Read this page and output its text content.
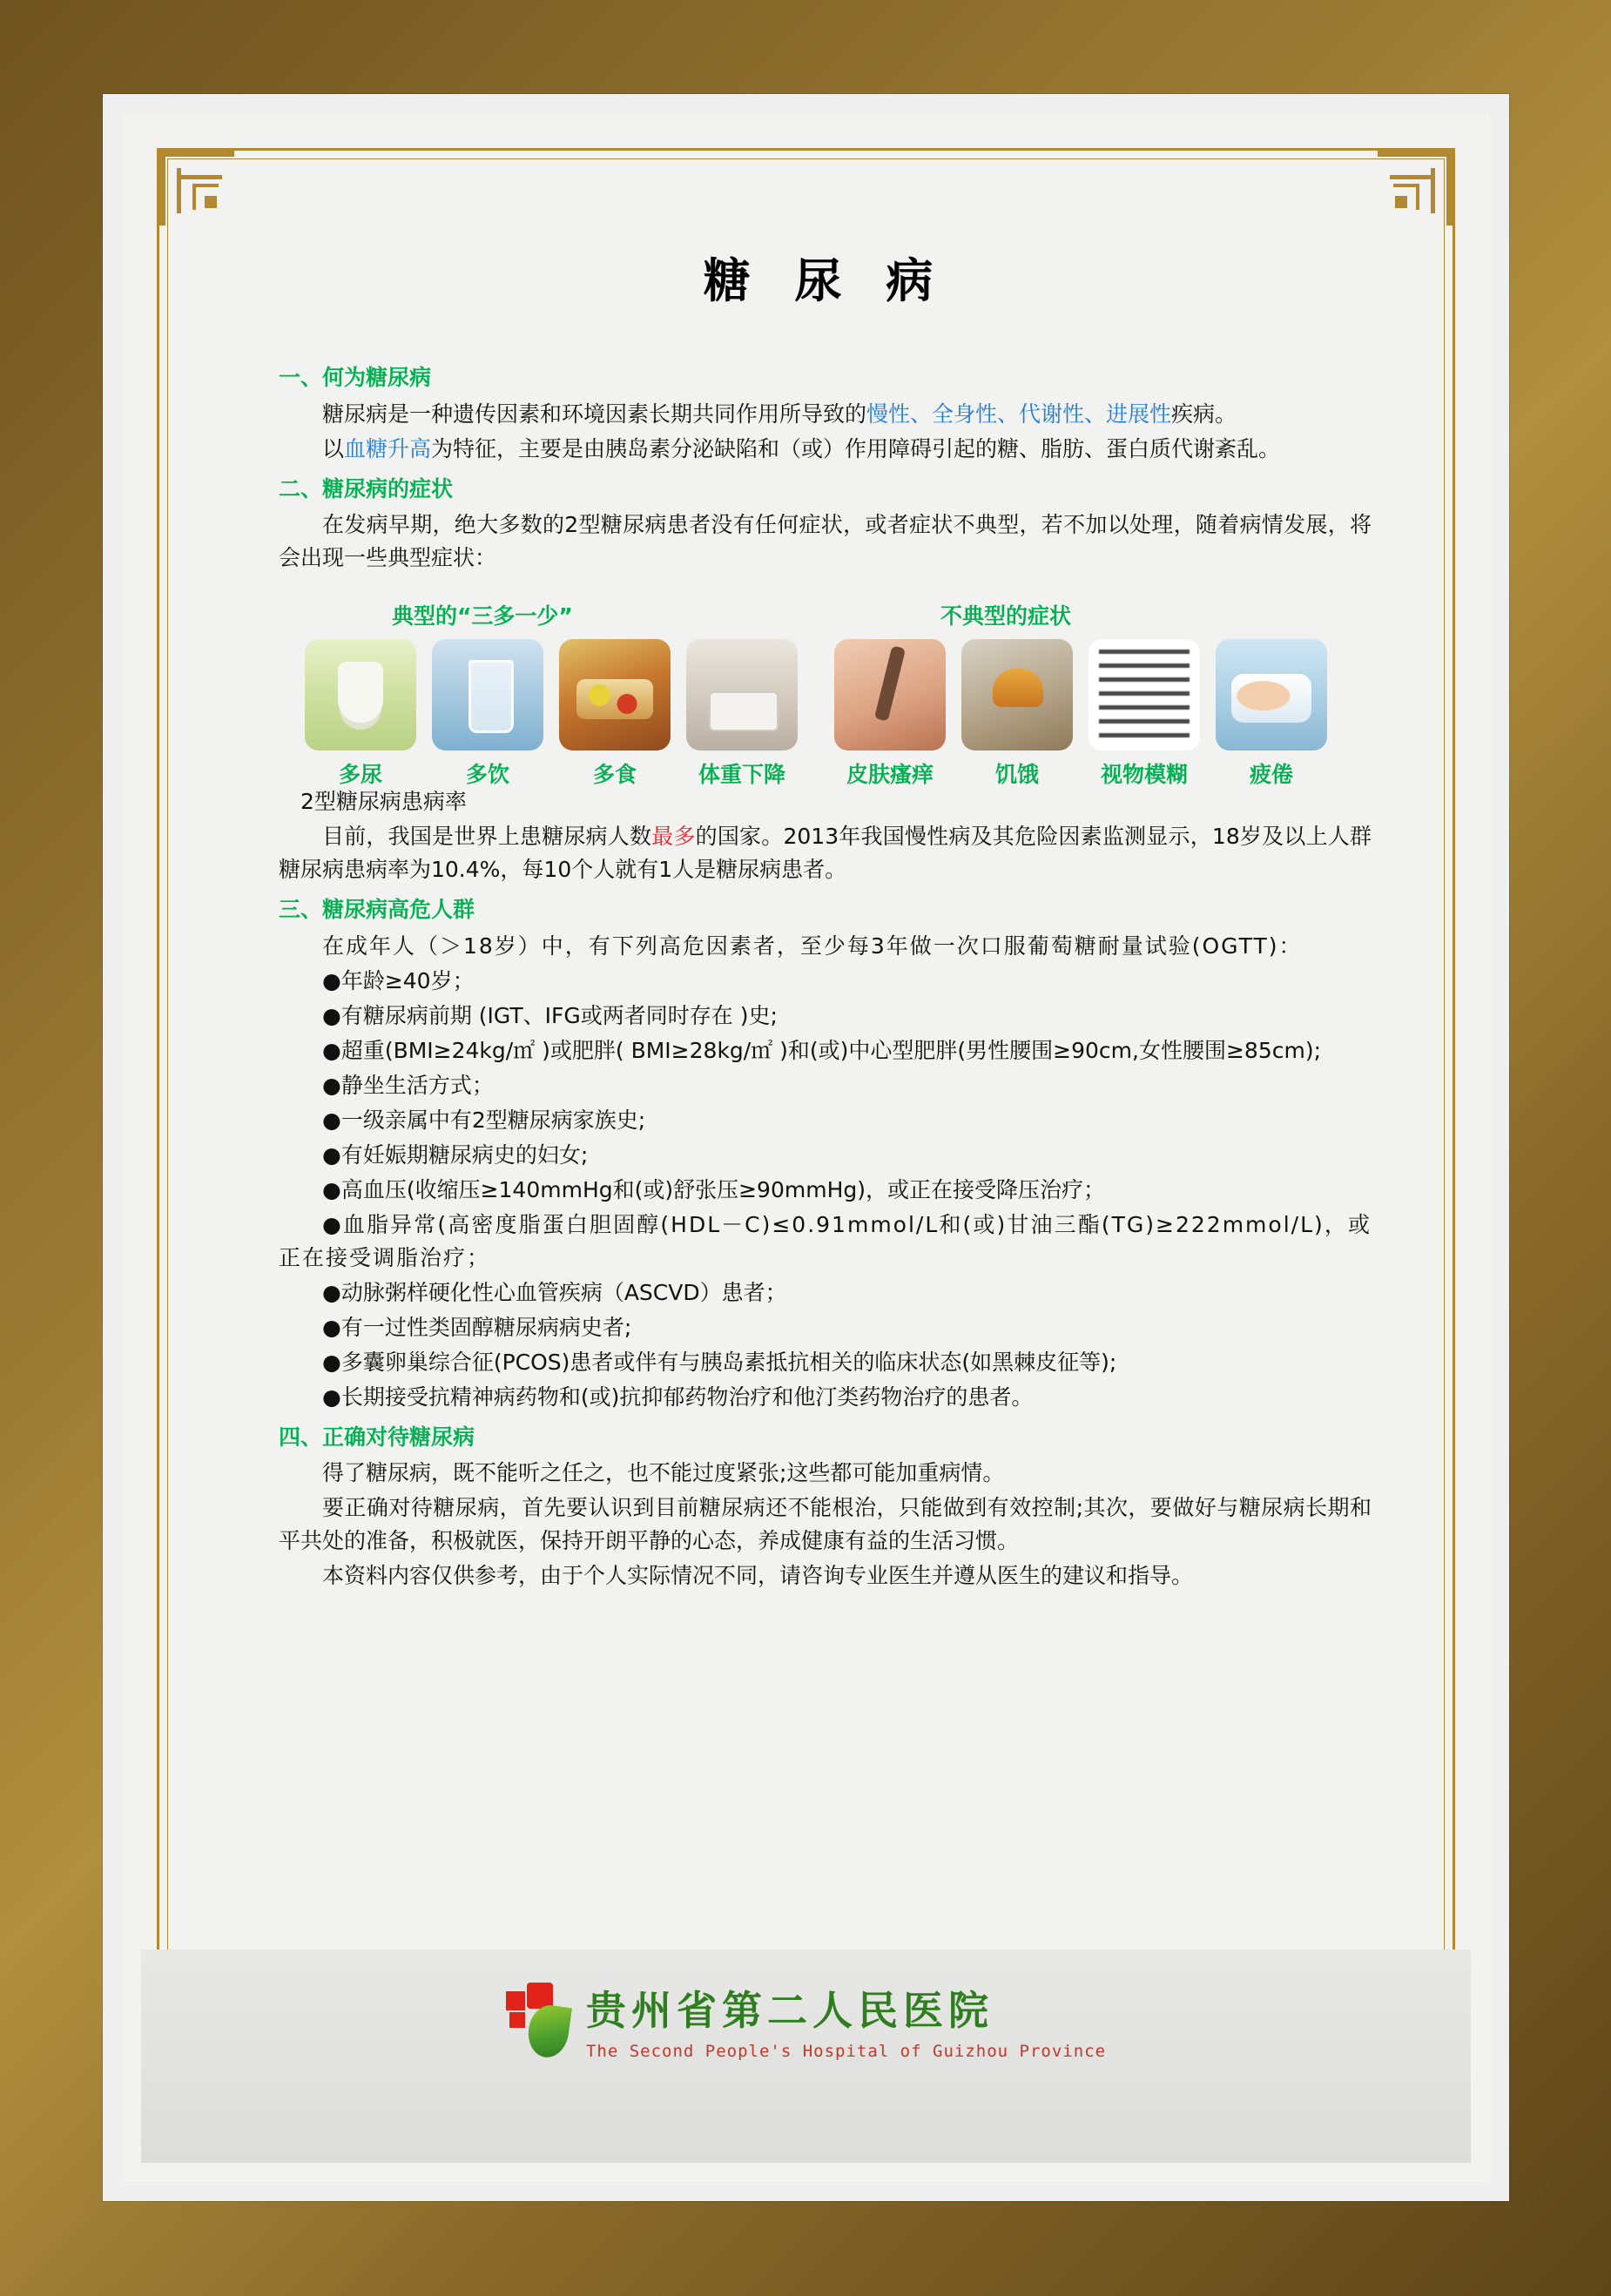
糖 尿 病
一、何为糖尿病

糖尿病是一种遗传因素和环境因素长期共同作用所导致的慢性、全身性、代谢性、进展性疾病。

以血糖升高为特征，主要是由胰岛素分泌缺陷和（或）作用障碍引起的糖、脂肪、蛋白质代谢紊乱。

二、糖尿病的症状

在发病早期，绝大多数的2型糖尿病患者没有任何症状，或者症状不典型，若不加以处理，随着病情发展，将会出现一些典型症状：

典型的“三多一少”	不典型的症状
多尿	多饮	多食	体重下降	皮肤瘙痒	饥饿	视物模糊	疲倦

2型糖尿病患病率

目前，我国是世界上患糖尿病人数最多的国家。2013年我国慢性病及其危险因素监测显示，18岁及以上人群糖尿病患病率为10.4%，每10个人就有1人是糖尿病患者。

三、糖尿病高危人群

在成年人（＞18岁）中，有下列高危因素者，至少每3年做一次口服葡萄糖耐量试验(OGTT)：

●年龄≥40岁；
●有糖尿病前期 (IGT、IFG或两者同时存在 )史;
●超重(BMI≥24kg/㎡ )或肥胖( BMI≥28kg/㎡ )和(或)中心型肥胖(男性腰围≥90cm,女性腰围≥85cm);
●静坐生活方式；
●一级亲属中有2型糖尿病家族史;
●有妊娠期糖尿病史的妇女;
●高血压(收缩压≥140mmHg和(或)舒张压≥90mmHg)，或正在接受降压治疗；
●血脂异常(高密度脂蛋白胆固醇(HDL－C)≤0.91mmol/L和(或)甘油三酯(TG)≥222mmol/L)，或正在接受调脂治疗；
●动脉粥样硬化性心血管疾病（ASCVD）患者；
●有一过性类固醇糖尿病病史者;
●多囊卵巢综合征(PCOS)患者或伴有与胰岛素抵抗相关的临床状态(如黑棘皮征等);
●长期接受抗精神病药物和(或)抗抑郁药物治疗和他汀类药物治疗的患者。
四、正确对待糖尿病

得了糖尿病，既不能听之任之，也不能过度紧张;这些都可能加重病情。

要正确对待糖尿病，首先要认识到目前糖尿病还不能根治，只能做到有效控制;其次，要做好与糖尿病长期和平共处的准备，积极就医，保持开朗平静的心态，养成健康有益的生活习惯。

本资料内容仅供参考，由于个人实际情况不同，请咨询专业医生并遵从医生的建议和指导。

贵州省第二人民医院
The Second People's Hospital of Guizhou Province
